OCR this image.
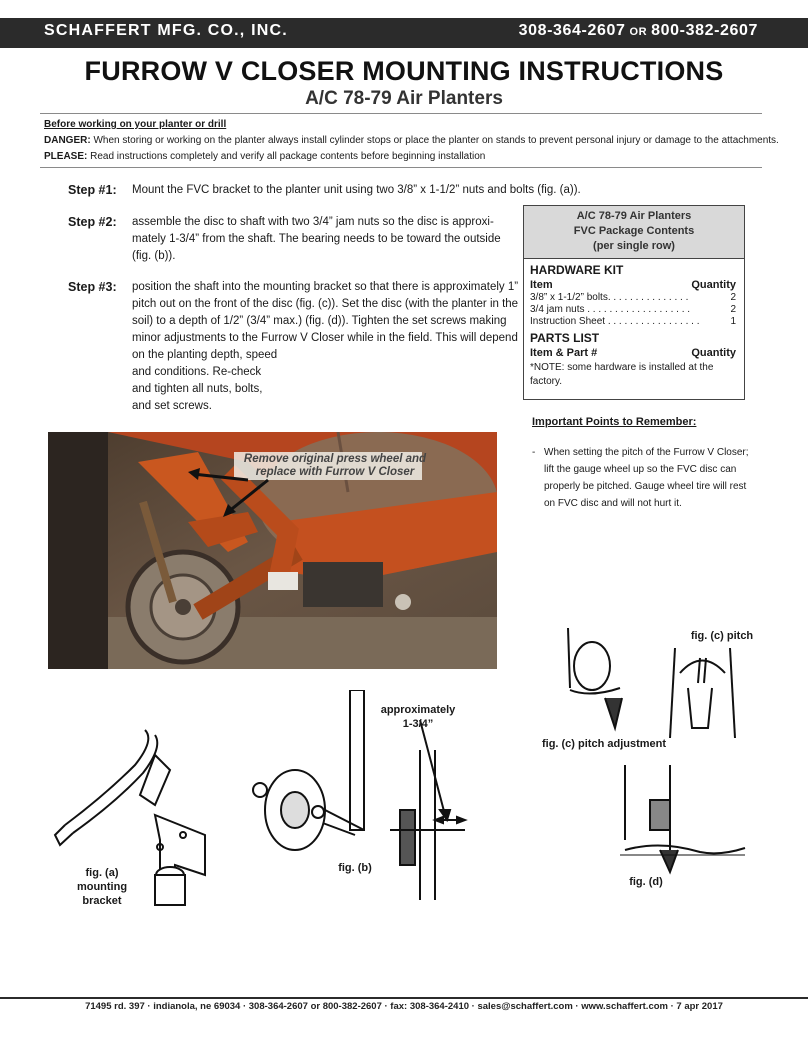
SCHAFFERT MFG. CO., INC.	308-364-2607 OR 800-382-2607
FURROW V CLOSER MOUNTING INSTRUCTIONS
A/C 78-79 Air Planters
Before working on your planter or drill
DANGER: When storing or working on the planter always install cylinder stops or place the planter on stands to prevent personal injury or damage to the attachments.
PLEASE: Read instructions completely and verify all package contents before beginning installation
Step #1: Mount the FVC bracket to the planter unit using two 3/8” x 1-1/2” nuts and bolts (fig. (a)).
Step #2: assemble the disc to shaft with two 3/4” jam nuts so the disc is approxi-
mately 1-3/4” from the shaft. The bearing needs to be toward the outside
(fig. (b)).
Step #3: position the shaft into the mounting bracket so that there is approximately 1”
pitch out on the front of the disc (fig. (c)). Set the disc (with the planter in the
soil) to a depth of 1/2” (3/4” max.) (fig. (d)). Tighten the set screws making
minor adjustments to the Furrow V Closer while in the field. This will depend
on the planting depth, speed
and conditions. Re-check
and tighten all nuts, bolts,
and set screws.
A/C 78-79 Air Planters
FVC Package Contents
(per single row)
HARDWARE KIT
Item	Quantity
3/8” x 1-1/2” bolts. . . . . . . . . . . . . . .	2
3/4 jam nuts . . . . . . . . . . . . . . . . . . .	2
Instruction Sheet . . . . . . . . . . . . . . . . .	1
PARTS LIST
Item & Part #	Quantity
*NOTE: some hardware is installed at the factory.
Important Points to Remember:
- When setting the pitch of the Furrow V Closer; lift the gauge wheel up so the FVC disc can properly be pitched. Gauge wheel tire will rest on FVC disc and will not hurt it.
Remove original press wheel and replace with Furrow V Closer
fig. (a)
mounting
bracket
approximately
1-3/4”
fig. (b)
fig. (c) pitch
fig. (c) pitch adjustment
fig. (d)
71495 rd. 397 · indianola, ne 69034 · 308-364-2607 or 800-382-2607 · fax: 308-364-2410 · sales@schaffert.com · www.schaffert.com · 7 apr 2017
